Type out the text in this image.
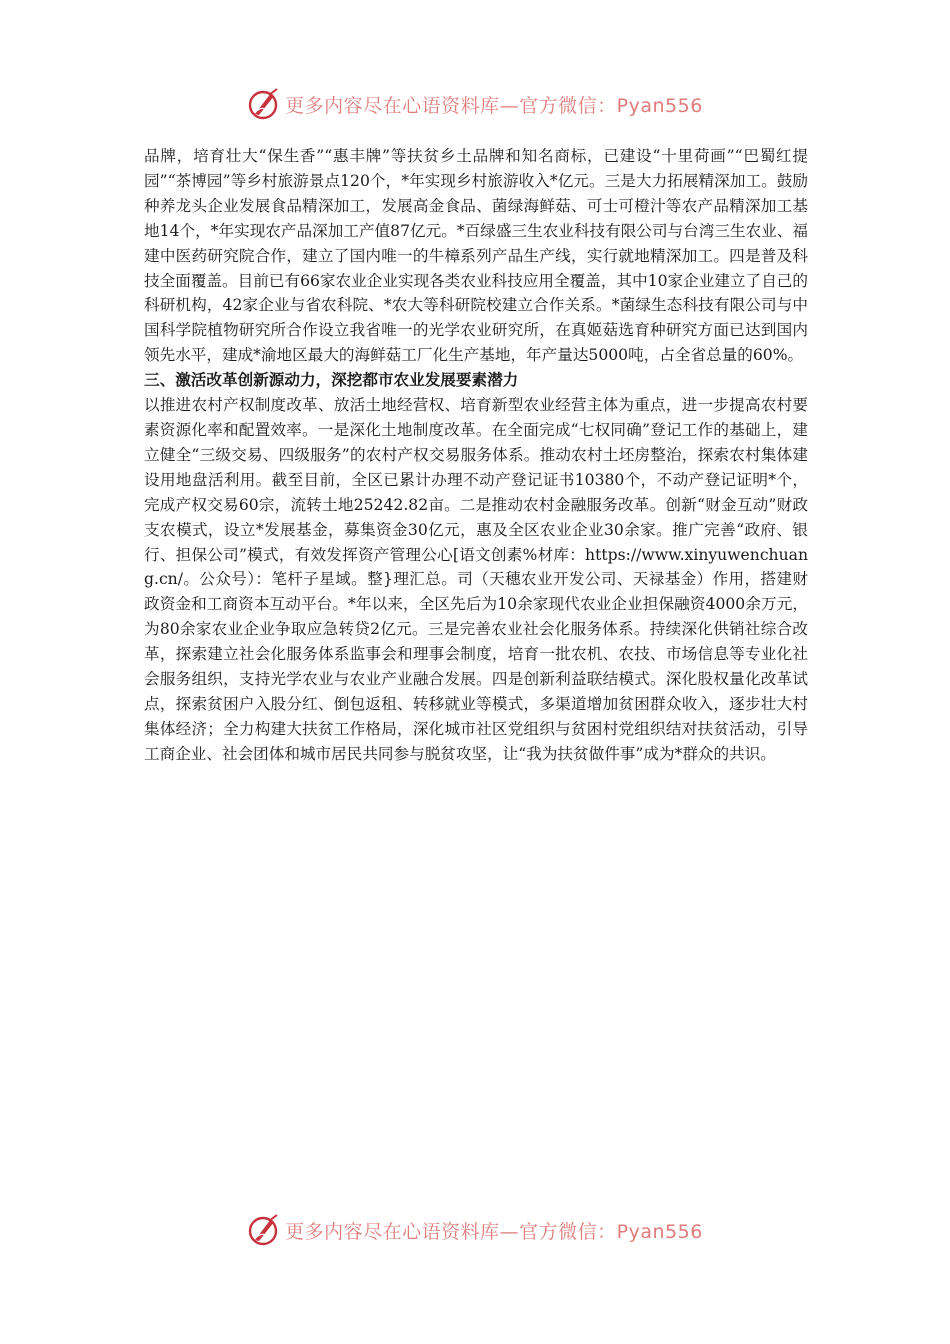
更多内容尽在心语资料库—官方微信：Pyan556

品牌，培育壮大“保生香”“惠丰牌”等扶贫乡土品牌和知名商标，已建设“十里荷画”“巴蜀红提园”“茶博园”等乡村旅游景点120个，*年实现乡村旅游收入*亿元。三是大力拓展精深加工。鼓励种养龙头企业发展食品精深加工，发展高金食品、菌绿海鲜菇、可士可橙汁等农产品精深加工基地14个，*年实现农产品深加工产值87亿元。*百绿盛三生农业科技有限公司与台湾三生农业、福建中医药研究院合作，建立了国内唯一的牛樟系列产品生产线，实行就地精深加工。四是普及科技全面覆盖。目前已有66家农业企业实现各类农业科技应用全覆盖，其中10家企业建立了自己的科研机构，42家企业与省农科院、*农大等科研院校建立合作关系。*菌绿生态科技有限公司与中国科学院植物研究所合作设立我省唯一的光学农业研究所，在真姬菇选育种研究方面已达到国内领先水平，建成*渝地区最大的海鲜菇工厂化生产基地，年产量达5000吨，占全省总量的60%。

三、激活改革创新源动力，深挖都市农业发展要素潜力

以推进农村产权制度改革、放活土地经营权、培育新型农业经营主体为重点，进一步提高农村要素资源化率和配置效率。一是深化土地制度改革。在全面完成“七权同确”登记工作的基础上，建立健全“三级交易、四级服务”的农村产权交易服务体系。推动农村土坯房整治，探索农村集体建设用地盘活利用。截至目前，全区已累计办理不动产登记证书10380个，不动产登记证明*个，完成产权交易60宗，流转土地25242.82亩。二是推动农村金融服务改革。创新“财金互动”财政支农模式，设立*发展基金，募集资金30亿元，惠及全区农业企业30余家。推广完善“政府、银行、担保公司”模式，有效发挥资产管理公心[语文创素%材库：https://www.xinyuwenchuang.cn/。公众号）：笔杆子星域。整}理汇总。司（天穗农业开发公司、天禄基金）作用，搭建财政资金和工商资本互动平台。*年以来，全区先后为10余家现代农业企业担保融资4000余万元，为80余家农业企业争取应急转贷2亿元。三是完善农业社会化服务体系。持续深化供销社综合改革，探索建立社会化服务体系监事会和理事会制度，培育一批农机、农技、市场信息等专业化社会服务组织，支持光学农业与农业产业融合发展。四是创新利益联结模式。深化股权量化改革试点，探索贫困户入股分红、倒包返租、转移就业等模式，多渠道增加贫困群众收入，逐步壮大村集体经济；全力构建大扶贫工作格局，深化城市社区党组织与贫困村党组织结对扶贫活动，引导工商企业、社会团体和城市居民共同参与脱贫攻坚，让“我为扶贫做件事”成为*群众的共识。

更多内容尽在心语资料库—官方微信：Pyan556
